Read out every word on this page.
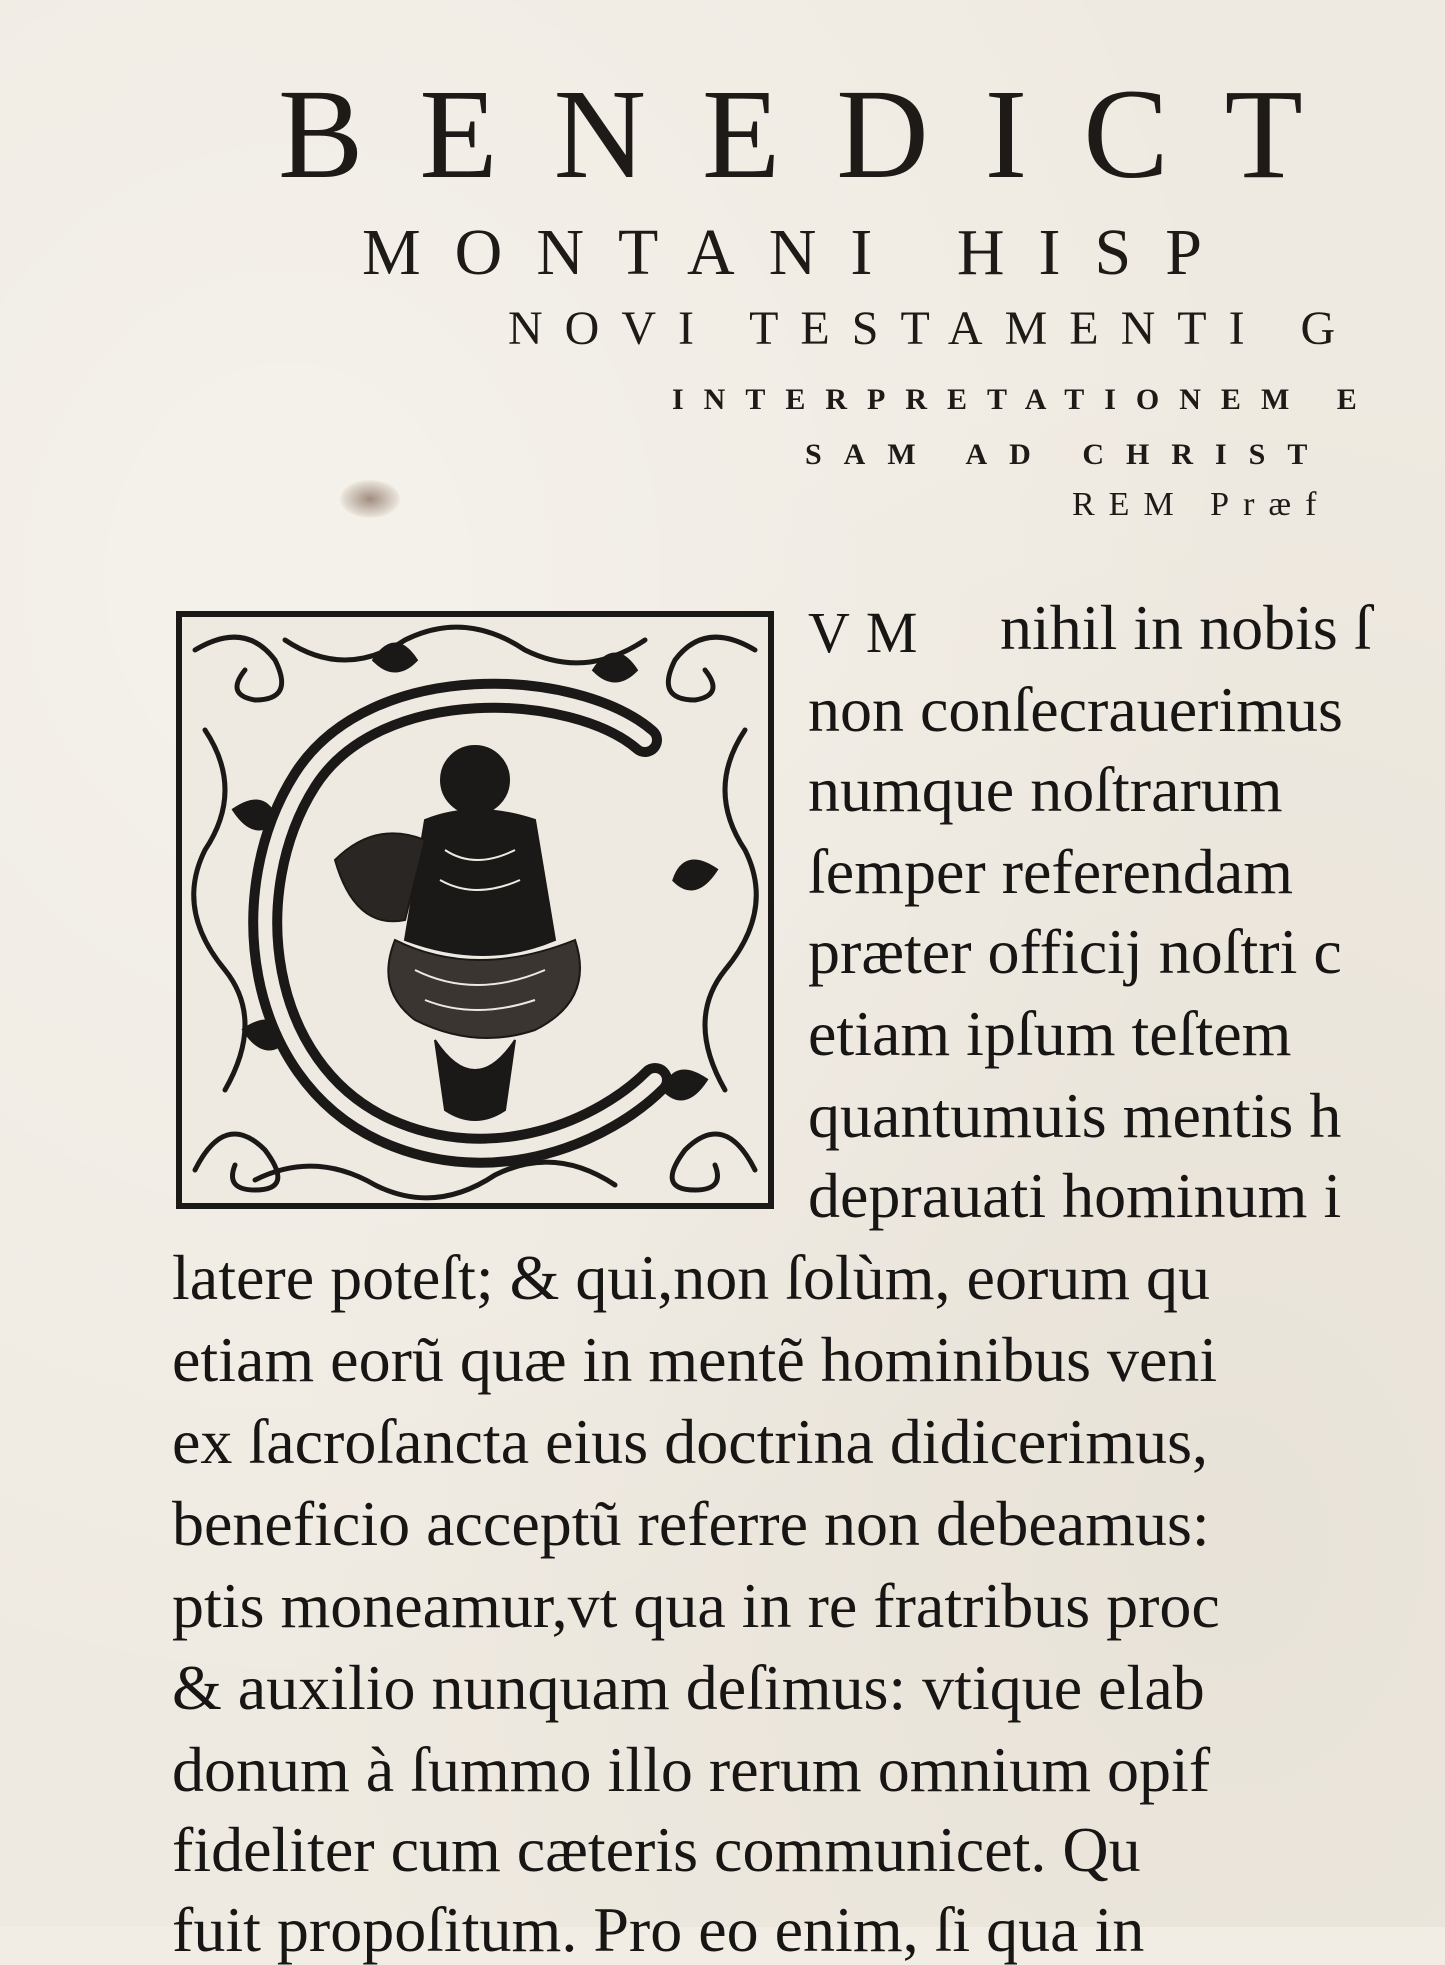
BENEDICT
MONTANI HISP
NOVI TESTAMENTI G
INTERPRETATIONEM E
SAM AD CHRIST
REM Præf
VM nihil in nobis ſ
non conſecrauerimus
numque noſtrarum
ſemper referendam
præter officij noſtri c
etiam ipſum teſtem
quantumuis mentis h
deprauati hominum i
latere poteſt; & qui,non ſolùm, eorum qu
etiam eorũ quæ in mentẽ hominibus veni
ex ſacroſancta eius doctrina didicerimus,
beneficio acceptũ referre non debeamus:
ptis moneamur,vt qua in re fratribus proc
& auxilio nunquam deſimus: vtique elab
donum à ſummo illo rerum omnium opif
fideliter cum cæteris communicet. Qu
fuit propoſitum. Pro eo enim, ſi qua in
